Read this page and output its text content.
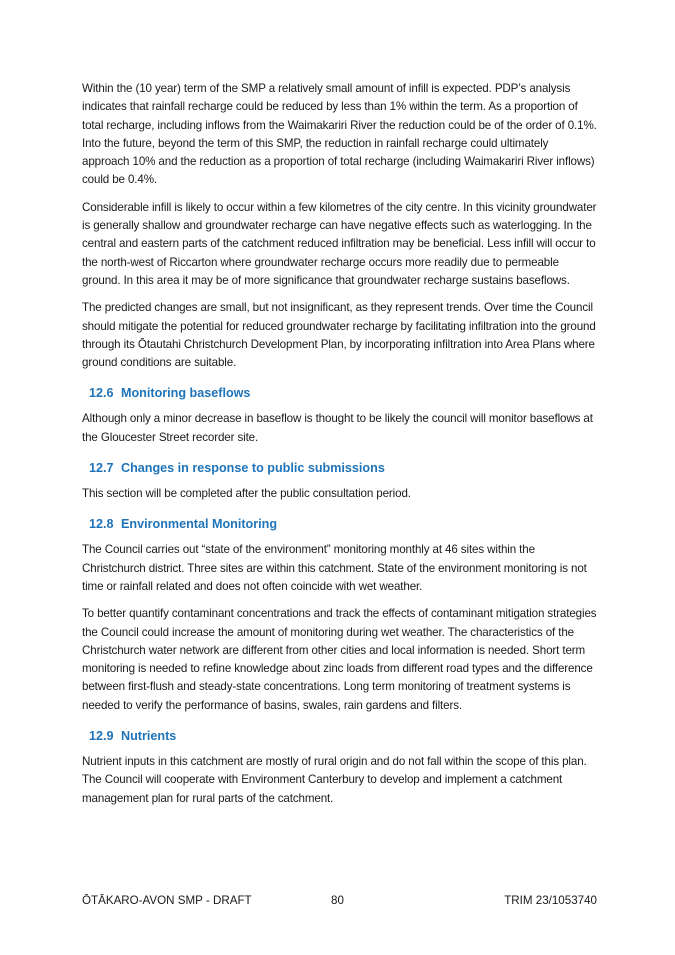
Within the (10 year) term of the SMP a relatively small amount of infill is expected. PDP’s analysis indicates that rainfall recharge could be reduced by less than 1% within the term. As a proportion of total recharge, including inflows from the Waimakariri River the reduction could be of the order of 0.1%. Into the future, beyond the term of this SMP, the reduction in rainfall recharge could ultimately approach 10% and the reduction as a proportion of total recharge (including Waimakariri River inflows) could be 0.4%.

Considerable infill is likely to occur within a few kilometres of the city centre. In this vicinity groundwater is generally shallow and groundwater recharge can have negative effects such as waterlogging. In the central and eastern parts of the catchment reduced infiltration may be beneficial. Less infill will occur to the north-west of Riccarton where groundwater recharge occurs more readily due to permeable ground. In this area it may be of more significance that groundwater recharge sustains baseflows.

The predicted changes are small, but not insignificant, as they represent trends. Over time the Council should mitigate the potential for reduced groundwater recharge by facilitating infiltration into the ground through its Ōtautahi Christchurch Development Plan, by incorporating infiltration into Area Plans where ground conditions are suitable.

12.6 Monitoring baseflows

Although only a minor decrease in baseflow is thought to be likely the council will monitor baseflows at the Gloucester Street recorder site.

12.7 Changes in response to public submissions

This section will be completed after the public consultation period.

12.8 Environmental Monitoring

The Council carries out “state of the environment” monitoring monthly at 46 sites within the Christchurch district. Three sites are within this catchment. State of the environment monitoring is not time or rainfall related and does not often coincide with wet weather.

To better quantify contaminant concentrations and track the effects of contaminant mitigation strategies the Council could increase the amount of monitoring during wet weather. The characteristics of the Christchurch water network are different from other cities and local information is needed. Short term monitoring is needed to refine knowledge about zinc loads from different road types and the difference between first-flush and steady-state concentrations. Long term monitoring of treatment systems is needed to verify the performance of basins, swales, rain gardens and filters.

12.9 Nutrients

Nutrient inputs in this catchment are mostly of rural origin and do not fall within the scope of this plan. The Council will cooperate with Environment Canterbury to develop and implement a catchment management plan for rural parts of the catchment.

ŌTĀKARO-AVON SMP - DRAFT	80	TRIM 23/1053740
